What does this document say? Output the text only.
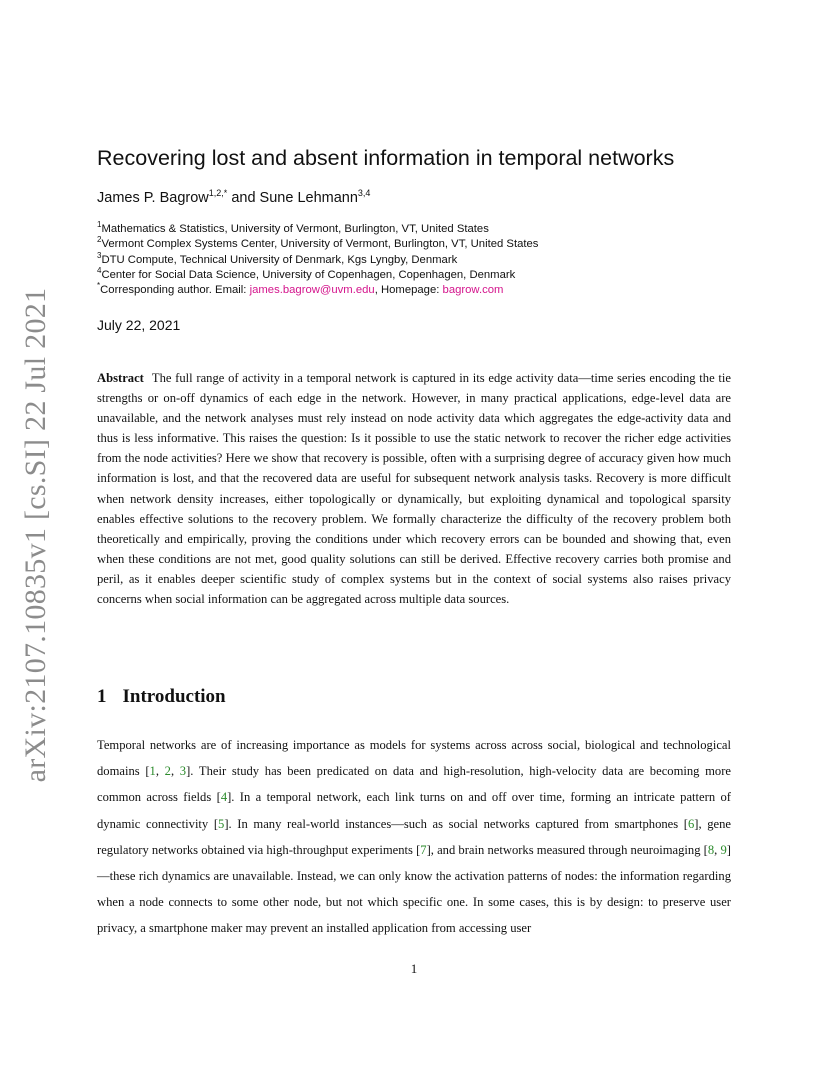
arXiv:2107.10835v1 [cs.SI] 22 Jul 2021
Recovering lost and absent information in temporal networks
James P. Bagrow$^{1,2,*}$ and Sune Lehmann$^{3,4}$
$^1$Mathematics & Statistics, University of Vermont, Burlington, VT, United States
$^2$Vermont Complex Systems Center, University of Vermont, Burlington, VT, United States
$^3$DTU Compute, Technical University of Denmark, Kgs Lyngby, Denmark
$^4$Center for Social Data Science, University of Copenhagen, Copenhagen, Denmark
*Corresponding author. Email: james.bagrow@uvm.edu, Homepage: bagrow.com
July 22, 2021

Abstract The full range of activity in a temporal network is captured in its edge activity data—time series encoding the tie strengths or on-off dynamics of each edge in the network. However, in many practical applications, edge-level data are unavailable, and the network analyses must rely instead on node activity data which aggregates the edge-activity data and thus is less informative. This raises the question: Is it possible to use the static network to recover the richer edge activities from the node activities? Here we show that recovery is possible, often with a surprising degree of accuracy given how much information is lost, and that the recovered data are useful for subsequent network analysis tasks. Recovery is more difficult when network density increases, either topologically or dynamically, but exploiting dynamical and topological sparsity enables effective solutions to the recovery problem. We formally characterize the difficulty of the recovery problem both theoretically and empirically, proving the conditions under which recovery errors can be bounded and showing that, even when these conditions are not met, good quality solutions can still be derived. Effective recovery carries both promise and peril, as it enables deeper scientific study of complex systems but in the context of social systems also raises privacy concerns when social information can be aggregated across multiple data sources.

1 Introduction

Temporal networks are of increasing importance as models for systems across across social, biological and technological domains [1, 2, 3]. Their study has been predicated on data and high-resolution, high-velocity data are becoming more common across fields [4]. In a temporal network, each link turns on and off over time, forming an intricate pattern of dynamic connectivity [5]. In many real-world instances—such as social networks captured from smartphones [6], gene regulatory networks obtained via high-throughput experiments [7], and brain networks measured through neuroimaging [8, 9]—these rich dynamics are unavailable. Instead, we can only know the activation patterns of nodes: the information regarding when a node connects to some other node, but not which specific one. In some cases, this is by design: to preserve user privacy, a smartphone maker may prevent an installed application from accessing user

1
